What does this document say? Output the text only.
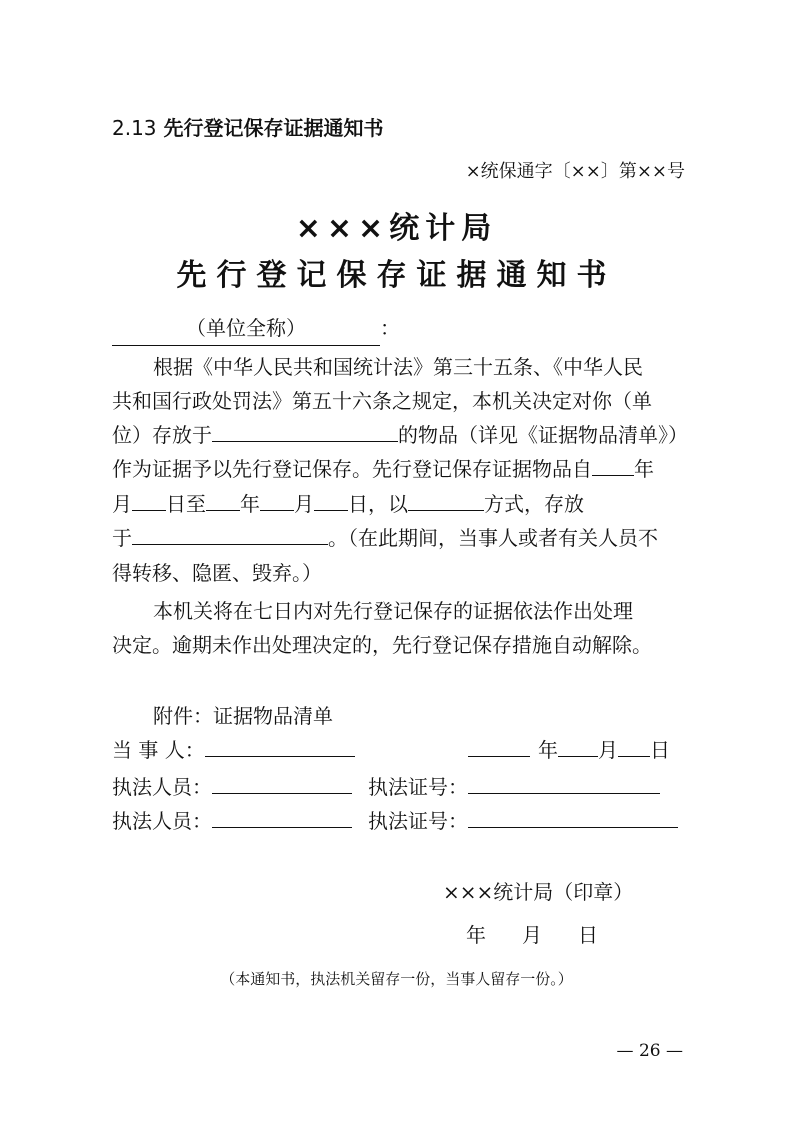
2.13 先行登记保存证据通知书
×统保通字〔××〕第××号
×××统计局
先行登记保存证据通知书
（单位全称）	：
根据《中华人民共和国统计法》第三十五条、《中华人民
共和国行政处罚法》第五十六条之规定，本机关决定对你（单
位）存放于	的物品（详见《证据物品清单》）
作为证据予以先行登记保存。先行登记保存证据物品自 年
月 日至 年 月 日，以	方式，存放
于	。（在此期间，当事人或者有关人员不
得转移、隐匿、毁弃。）
本机关将在七日内对先行登记保存的证据依法作出处理
决定。逾期未作出处理决定的，先行登记保存措施自动解除。
附件：证据物品清单
当 事 人：	年 月 日
执法人员：	执法证号：
执法人员：	执法证号：
×××统计局（印章）
年　月　日
（本通知书，执法机关留存一份，当事人留存一份。）
— 26 —
